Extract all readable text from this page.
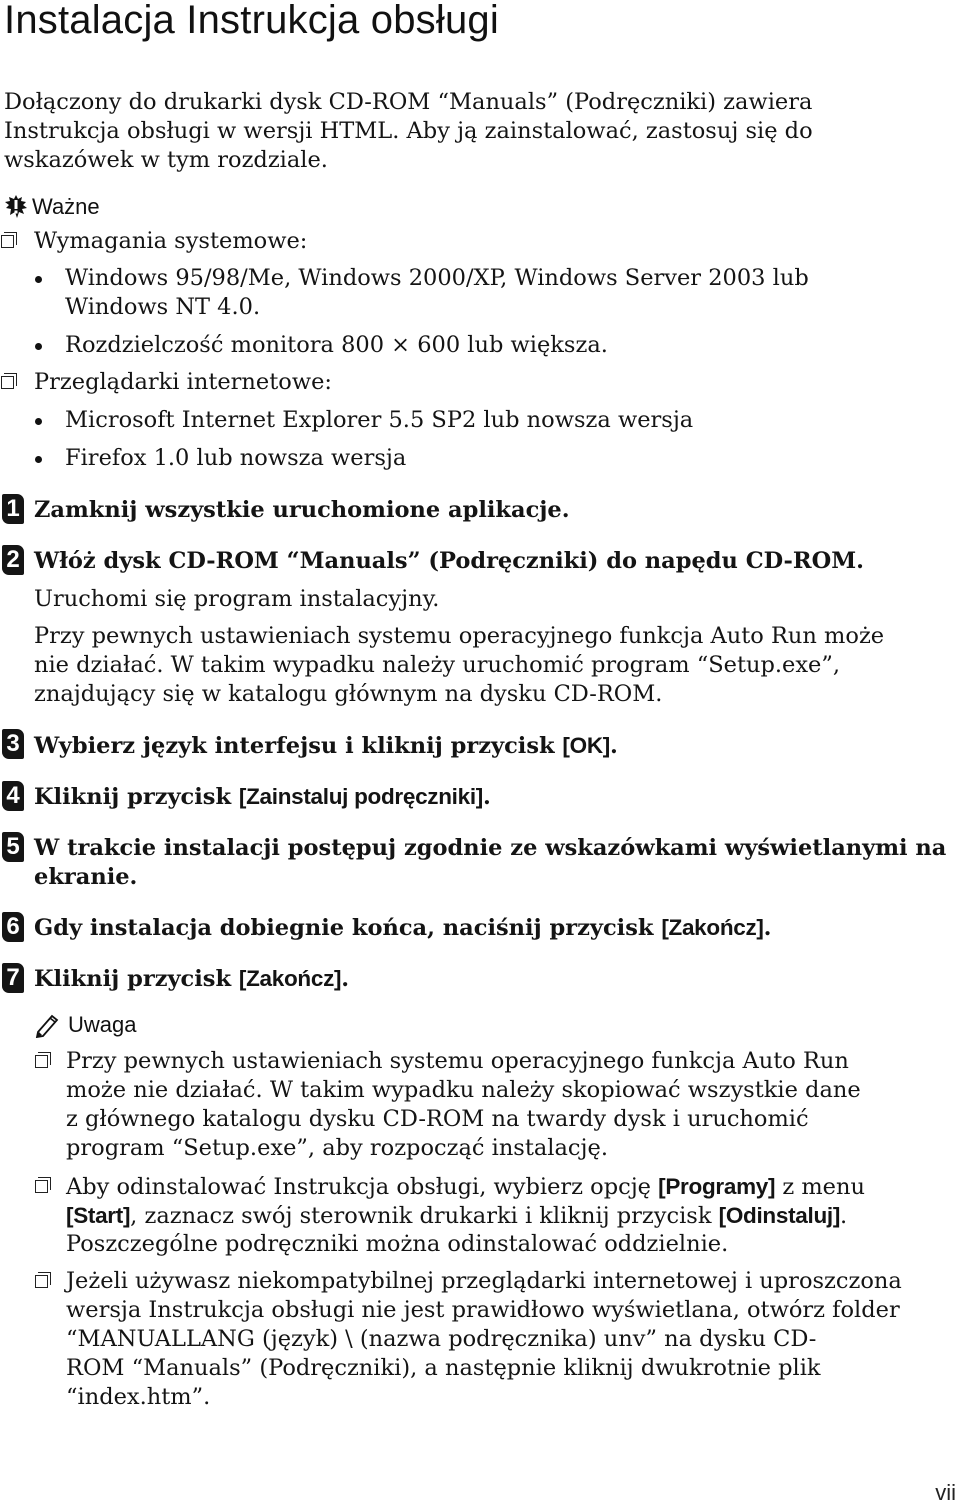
Instalacja Instrukcja obsługi

Dołączony do drukarki dysk CD-ROM “Manuals” (Podręczniki) zawiera Instrukcja obsługi w wersji HTML. Aby ją zainstalować, zastosuj się do wskazówek w tym rozdziale.

Ważne
Wymagania systemowe:
Windows 95/98/Me, Windows 2000/XP, Windows Server 2003 lub
Windows NT 4.0.
Rozdzielczość monitora 800 × 600 lub większa.
Przeglądarki internetowe:
Microsoft Internet Explorer 5.5 SP2 lub nowsza wersja
Firefox 1.0 lub nowsza wersja
1 Zamknij wszystkie uruchomione aplikacje.
2 Włóż dysk CD-ROM “Manuals” (Podręczniki) do napędu CD-ROM.
Uruchomi się program instalacyjny.
Przy pewnych ustawieniach systemu operacyjnego funkcja Auto Run może
nie działać. W takim wypadku należy uruchomić program “Setup.exe”,
znajdujący się w katalogu głównym na dysku CD-ROM.
3 Wybierz język interfejsu i kliknij przycisk [OK].
4 Kliknij przycisk [Zainstaluj podręczniki].
5 W trakcie instalacji postępuj zgodnie ze wskazówkami wyświetlanymi na
ekranie.
6 Gdy instalacja dobiegnie końca, naciśnij przycisk [Zakończ].
7 Kliknij przycisk [Zakończ].
Uwaga
Przy pewnych ustawieniach systemu operacyjnego funkcja Auto Run
może nie działać. W takim wypadku należy skopiować wszystkie dane
z głównego katalogu dysku CD-ROM na twardy dysk i uruchomić
program “Setup.exe”, aby rozpocząć instalację.
Aby odinstalować Instrukcja obsługi, wybierz opcję [Programy] z menu
[Start], zaznacz swój sterownik drukarki i kliknij przycisk [Odinstaluj].
Poszczególne podręczniki można odinstalować oddzielnie.
Jeżeli używasz niekompatybilnej przeglądarki internetowej i uproszczona
wersja Instrukcja obsługi nie jest prawidłowo wyświetlana, otwórz folder
“MANUALLANG (język) \ (nazwa podręcznika) unv” na dysku CD-
ROM “Manuals” (Podręczniki), a następnie kliknij dwukrotnie plik
“index.htm”.
vii
